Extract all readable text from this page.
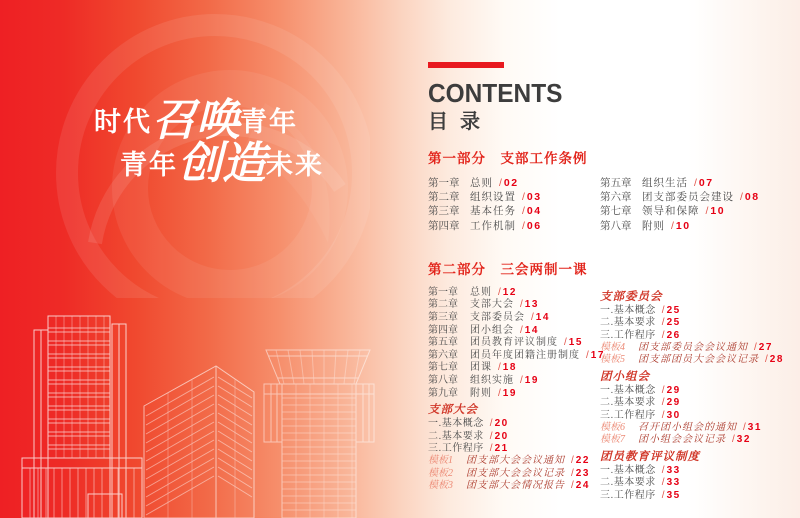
时代召唤青年
青年创造未来
CONTENTS
目录
第一部分　支部工作条例
第一章 总则 / 02
第二章 组织设置 / 03
第三章 基本任务 / 04
第四章 工作机制 / 06
第五章 组织生活 / 07
第六章 团支部委员会建设 / 08
第七章 领导和保障 / 10
第八章 附则 / 10
第二部分　三会两制一课
第一章 总则 / 12
第二章 支部大会 / 13
第三章 支部委员会 / 14
第四章 团小组会 / 14
第五章 团员教育评议制度 / 15
第六章 团员年度团籍注册制度 / 17
第七章 团课 / 18
第八章 组织实施 / 19
第九章 附则 / 19
支部大会
一.基本概念 / 20
二.基本要求 / 20
三.工作程序 / 21
模板1 团支部大会会议通知 / 22
模板2 团支部大会会议记录 / 23
模板3 团支部大会情况报告 / 24
支部委员会
一.基本概念 / 25
二.基本要求 / 25
三.工作程序 / 26
模板4 团支部委员会会议通知 / 27
模板5 团支部团员大会会议记录 / 28
团小组会
一.基本概念 / 29
二.基本要求 / 29
三.工作程序 / 30
模板6 召开团小组会的通知 / 31
模板7 团小组会会议记录 / 32
团员教育评议制度
一.基本概念 / 33
二.基本要求 / 33
三.工作程序 / 35
